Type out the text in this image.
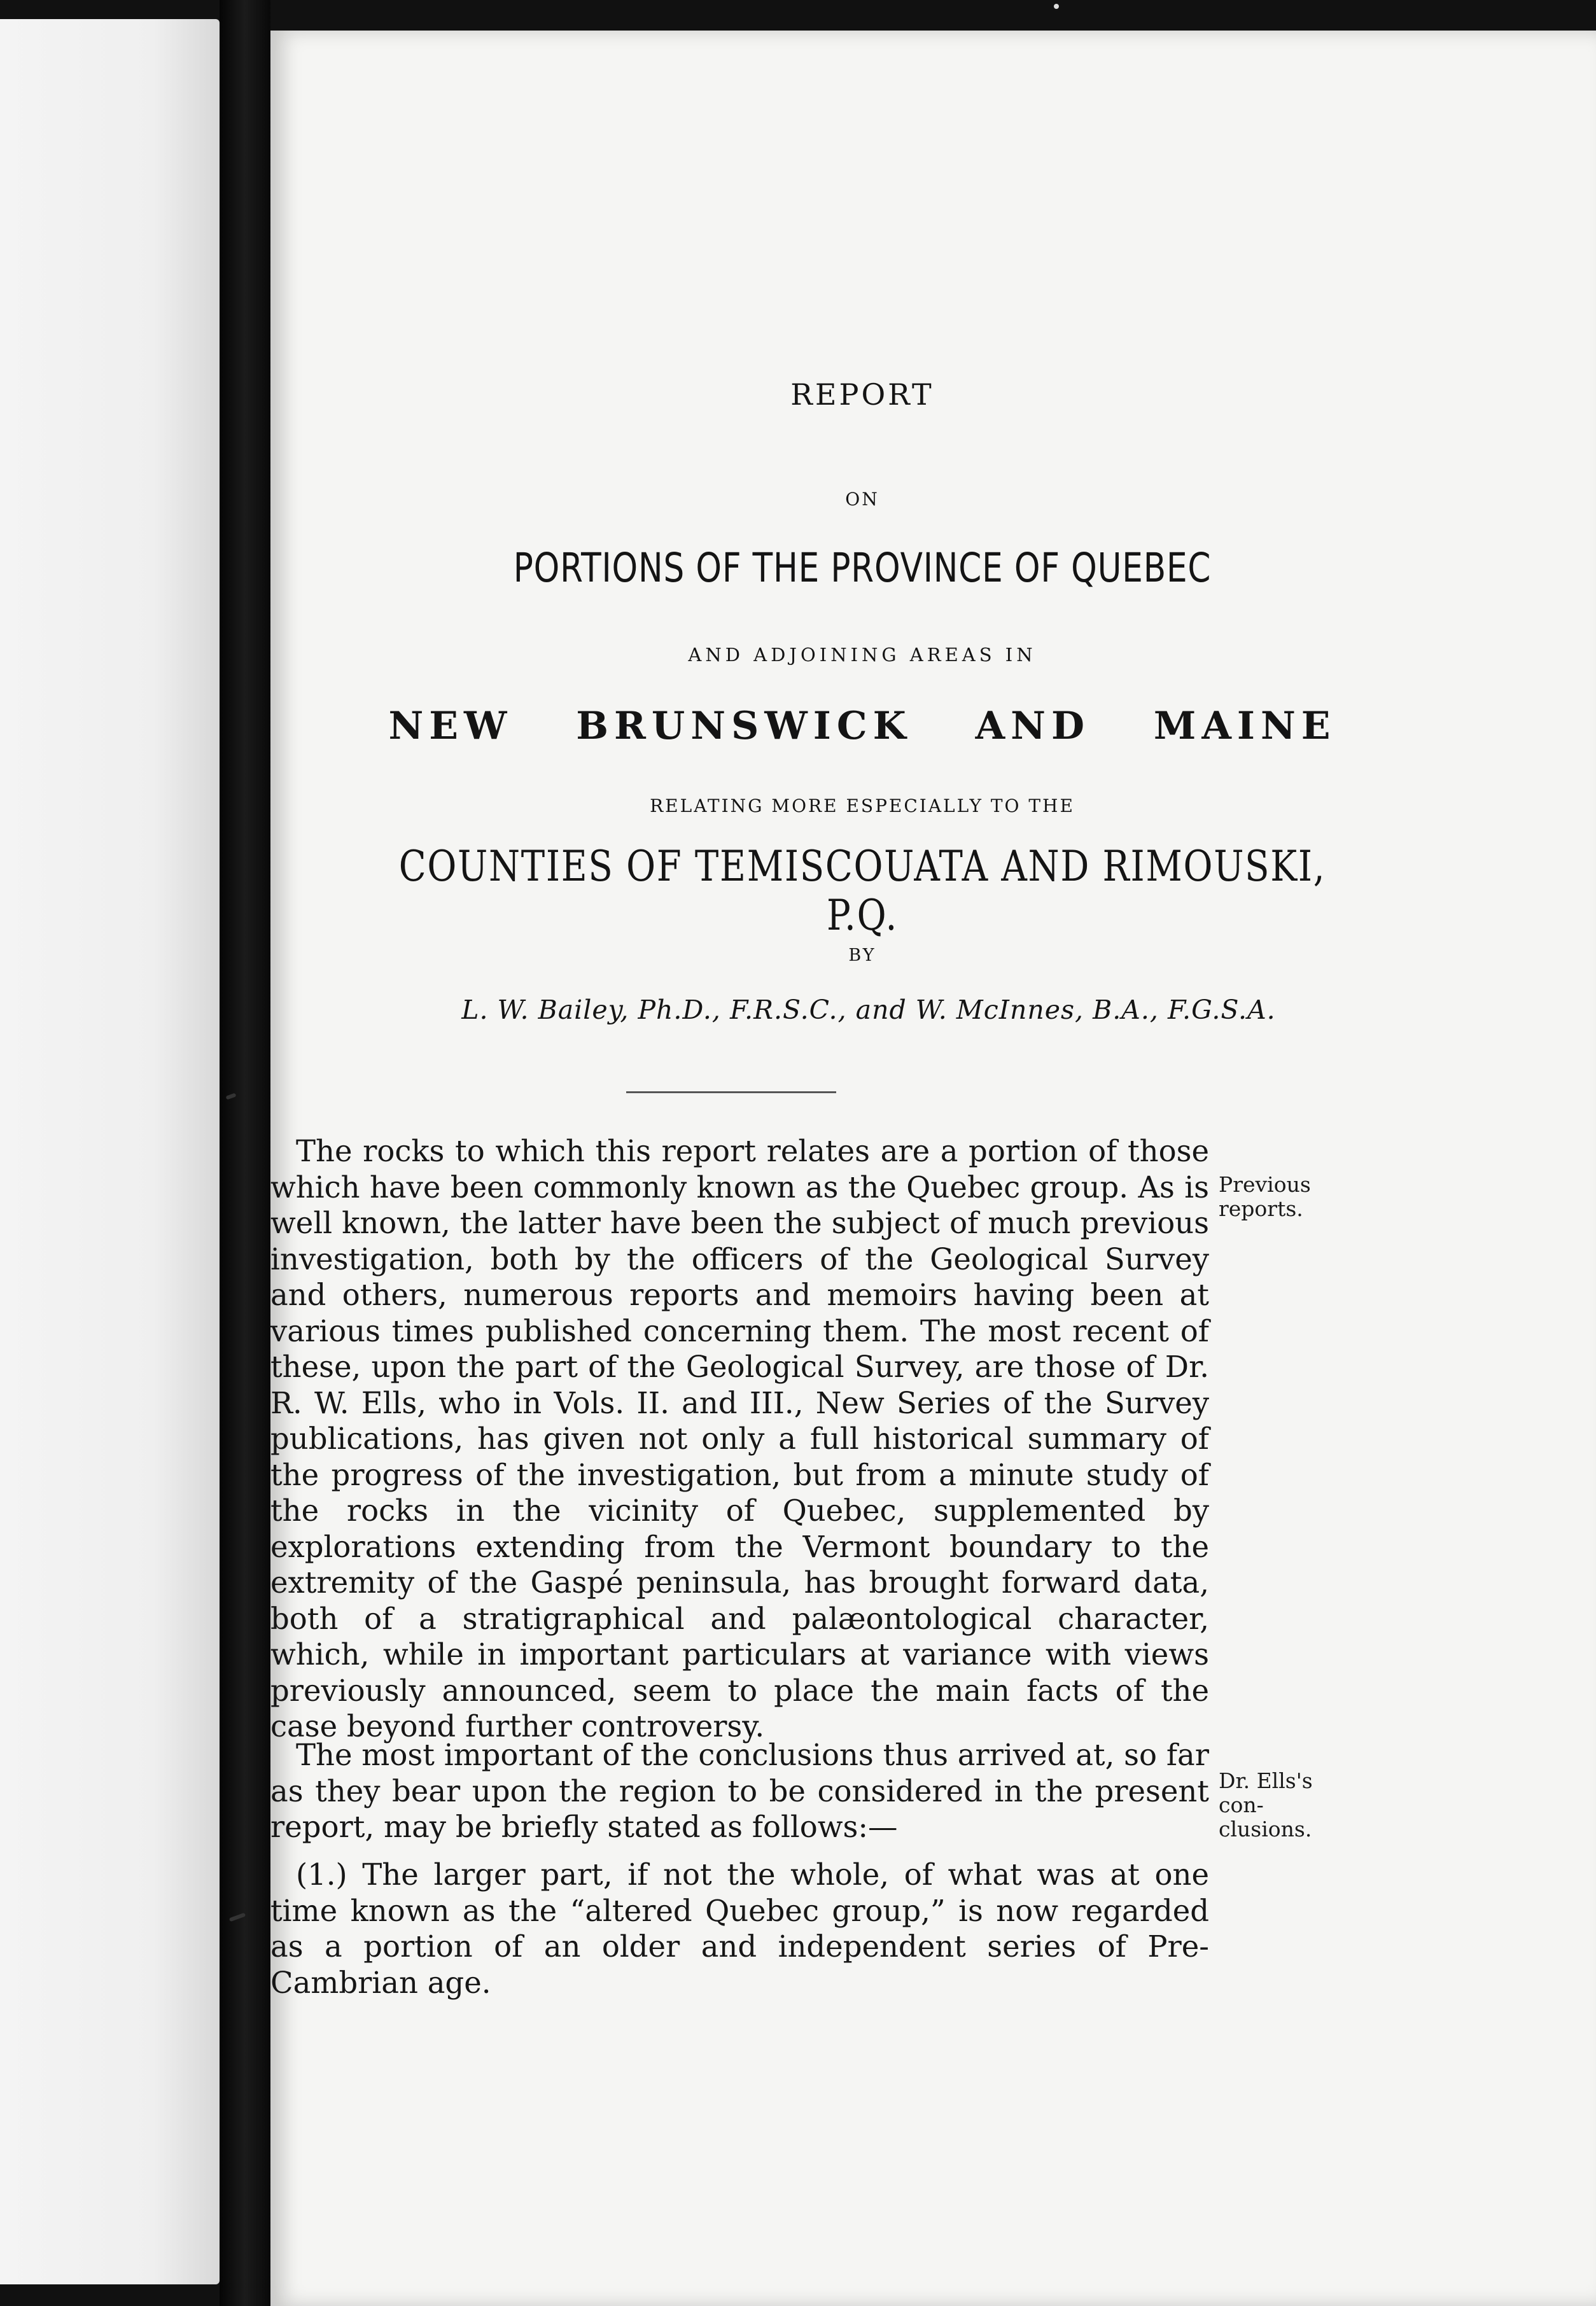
REPORT
ON
PORTIONS OF THE PROVINCE OF QUEBEC
AND ADJOINING AREAS IN
NEW BRUNSWICK AND MAINE
RELATING MORE ESPECIALLY TO THE
COUNTIES OF TEMISCOUATA AND RIMOUSKI, P.Q.
BY
L. W. Bailey, Ph.D., F.R.S.C., and W. McInnes, B.A., F.G.S.A.

The rocks to which this report relates are a portion of those which have been commonly known as the Quebec group. As is well known, the latter have been the subject of much previous investigation, both by the officers of the Geological Survey and others, numerous reports and memoirs having been at various times published concerning them. The most recent of these, upon the part of the Geological Survey, are those of Dr. R. W. Ells, who in Vols. II. and III., New Series of the Survey publications, has given not only a full historical summary of the progress of the investigation, but from a minute study of the rocks in the vicinity of Quebec, supplemented by explorations extending from the Vermont boundary to the extremity of the Gaspé peninsula, has brought forward data, both of a stratigraphical and palæontological character, which, while in important particulars at variance with views previously announced, seem to place the main facts of the case beyond further controversy.

The most important of the conclusions thus arrived at, so far as they bear upon the region to be considered in the present report, may be briefly stated as follows:—

(1.) The larger part, if not the whole, of what was at one time known as the “altered Quebec group,” is now regarded as a portion of an older and independent series of Pre-Cambrian age.

Previous
reports.
Dr. Ells's con-
clusions.
